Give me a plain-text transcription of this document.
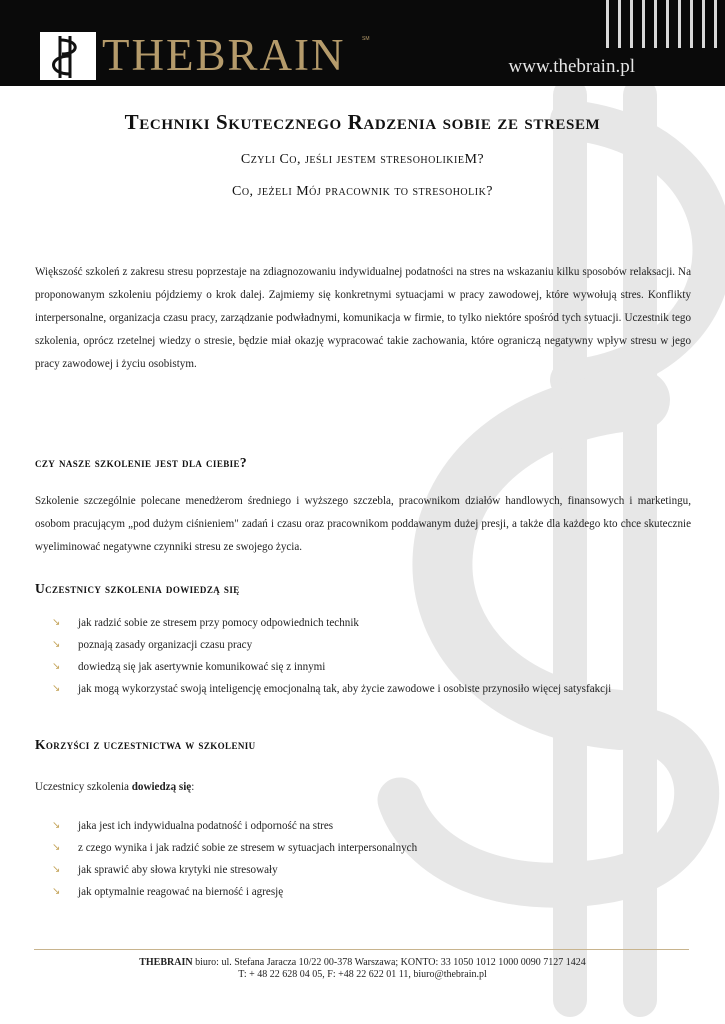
THEBRAIN	SM
www.thebrain.pl
Techniki Skutecznego Radzenia sobie ze stresem
Czyli Co, jeśli jestem stresoholikieM?
Co, jeżeli Mój pracownik to stresoholik?

Większość szkoleń z zakresu stresu poprzestaje na zdiagnozowaniu indywidualnej podatności na stres na wskazaniu kilku sposobów relaksacji. Na proponowanym szkoleniu pójdziemy o krok dalej. Zajmiemy się konkretnymi sytuacjami w pracy zawodowej, które wywołują stres. Konflikty interpersonalne, organizacja czasu pracy, zarządzanie podwładnymi, komunikacja w firmie, to tylko niektóre spośród tych sytuacji. Uczestnik tego szkolenia, oprócz rzetelnej wiedzy o stresie, będzie miał okazję wypracować takie zachowania, które ograniczą negatywny wpływ stresu w jego pracy zawodowej i życiu osobistym.

czy nasze szkolenie jest dla ciebie?

Szkolenie szczególnie polecane menedżerom średniego i wyższego szczebla, pracownikom działów handlowych, finansowych i marketingu, osobom pracującym „pod dużym ciśnieniem" zadań i czasu oraz pracownikom poddawanym dużej presji, a także dla każdego kto chce skutecznie wyeliminować negatywne czynniki stresu ze swojego życia.

Uczestnicy szkolenia dowiedzą się
↘ jak radzić sobie ze stresem przy pomocy odpowiednich technik
↘ poznają zasady organizacji czasu pracy
↘ dowiedzą się jak asertywnie komunikować się z innymi
↘ jak mogą wykorzystać swoją inteligencję emocjonalną tak, aby życie zawodowe i osobiste przynosiło więcej satysfakcji
Korzyści z uczestnictwa w szkoleniu

Uczestnicy szkolenia dowiedzą się:

↘ jaka jest ich indywidualna podatność i odporność na stres
↘ z czego wynika i jak radzić sobie ze stresem w sytuacjach interpersonalnych
↘ jak sprawić aby słowa krytyki nie stresowały
↘ jak optymalnie reagować na bierność i agresję
THEBRAIN biuro: ul. Stefana Jaracza 10/22 00-378 Warszawa; KONTO: 33 1050 1012 1000 0090 7127 1424
T: + 48 22 628 04 05, F: +48 22 622 01 11, biuro@thebrain.pl
